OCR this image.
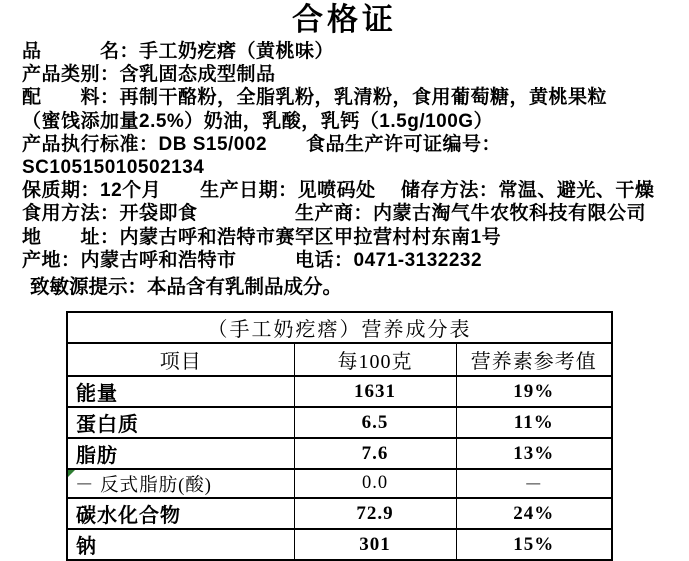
合格证
品　　　名：手工奶疙瘩（黄桃味）
产品类别：含乳固态成型制品
配　　料：再制干酪粉，全脂乳粉，乳清粉，食用葡萄糖，黄桃果粒
（蜜饯添加量2.5%）奶油，乳酸，乳钙（1.5g/100G）
产品执行标准：DB S15/002　　食品生产许可证编号：SC10515010502134
保质期：12个月　　生产日期：见喷码处　 储存方法：常温、避光、干燥
食用方法：开袋即食　　　　　生产商：内蒙古淘气牛农牧科技有限公司
地　　址：内蒙古呼和浩特市赛罕区甲拉营村村东南1号
产地：内蒙古呼和浩特市　　　电话：0471-3132232
致敏源提示：本品含有乳制品成分。
（手工奶疙瘩）营养成分表		
项目	每100克	营养素参考值
能量	1631	19%
蛋白质	6.5	11%
脂肪	7.6	13%

－ 反式脂肪(酸)	0.0	－
碳水化合物	72.9	24%
钠	301	15%
